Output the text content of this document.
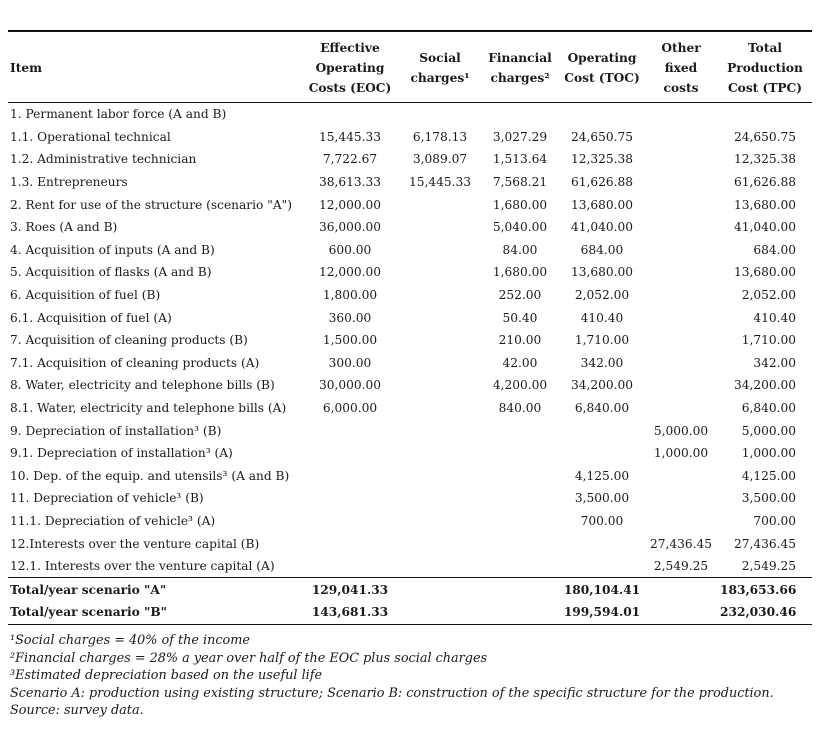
Item	Effective Operating Costs (EOC)	Social charges¹	Financial charges²	Operating Cost (TOC)	Other fixed costs	Total Production Cost (TPC)
1. Permanent labor force (A and B)						
1.1. Operational technical	15,445.33	6,178.13	3,027.29	24,650.75		24,650.75
1.2. Administrative technician	7,722.67	3,089.07	1,513.64	12,325.38		12,325.38
1.3. Entrepreneurs	38,613.33	15,445.33	7,568.21	61,626.88		61,626.88
2. Rent for use of the structure (scenario "A")	12,000.00		1,680.00	13,680.00		13,680.00
3. Roes (A and B)	36,000.00		5,040.00	41,040.00		41,040.00
4. Acquisition of inputs (A and B)	600.00		84.00	684.00		684.00
5. Acquisition of flasks (A and B)	12,000.00		1,680.00	13,680.00		13,680.00
6. Acquisition of fuel (B)	1,800.00		252.00	2,052.00		2,052.00
6.1. Acquisition of fuel (A)	360.00		50.40	410.40		410.40
7. Acquisition of cleaning products (B)	1,500.00		210.00	1,710.00		1,710.00
7.1. Acquisition of cleaning products (A)	300.00		42.00	342.00		342.00
8. Water, electricity and telephone bills (B)	30,000.00		4,200.00	34,200.00		34,200.00
8.1. Water, electricity and telephone bills (A)	6,000.00		840.00	6,840.00		6,840.00
9. Depreciation of installation³ (B)					5,000.00	5,000.00
9.1. Depreciation of installation³ (A)					1,000.00	1,000.00
10. Dep. of the equip. and utensils³ (A and B)				4,125.00		4,125.00
11. Depreciation of vehicle³ (B)				3,500.00		3,500.00
11.1. Depreciation of vehicle³ (A)				700.00		700.00
12.Interests over the venture capital (B)					27,436.45	27,436.45
12.1. Interests over the venture capital (A)					2,549.25	2,549.25
Total/year scenario "A"	129,041.33			180,104.41		183,653.66
Total/year scenario "B"	143,681.33			199,594.01		232,030.46
¹Social charges = 40% of the income
²Financial charges = 28% a year over half of the EOC plus social charges
³Estimated depreciation based on the useful life
Scenario A: production using existing structure; Scenario B: construction of the specific structure for the production. Source: survey data.
